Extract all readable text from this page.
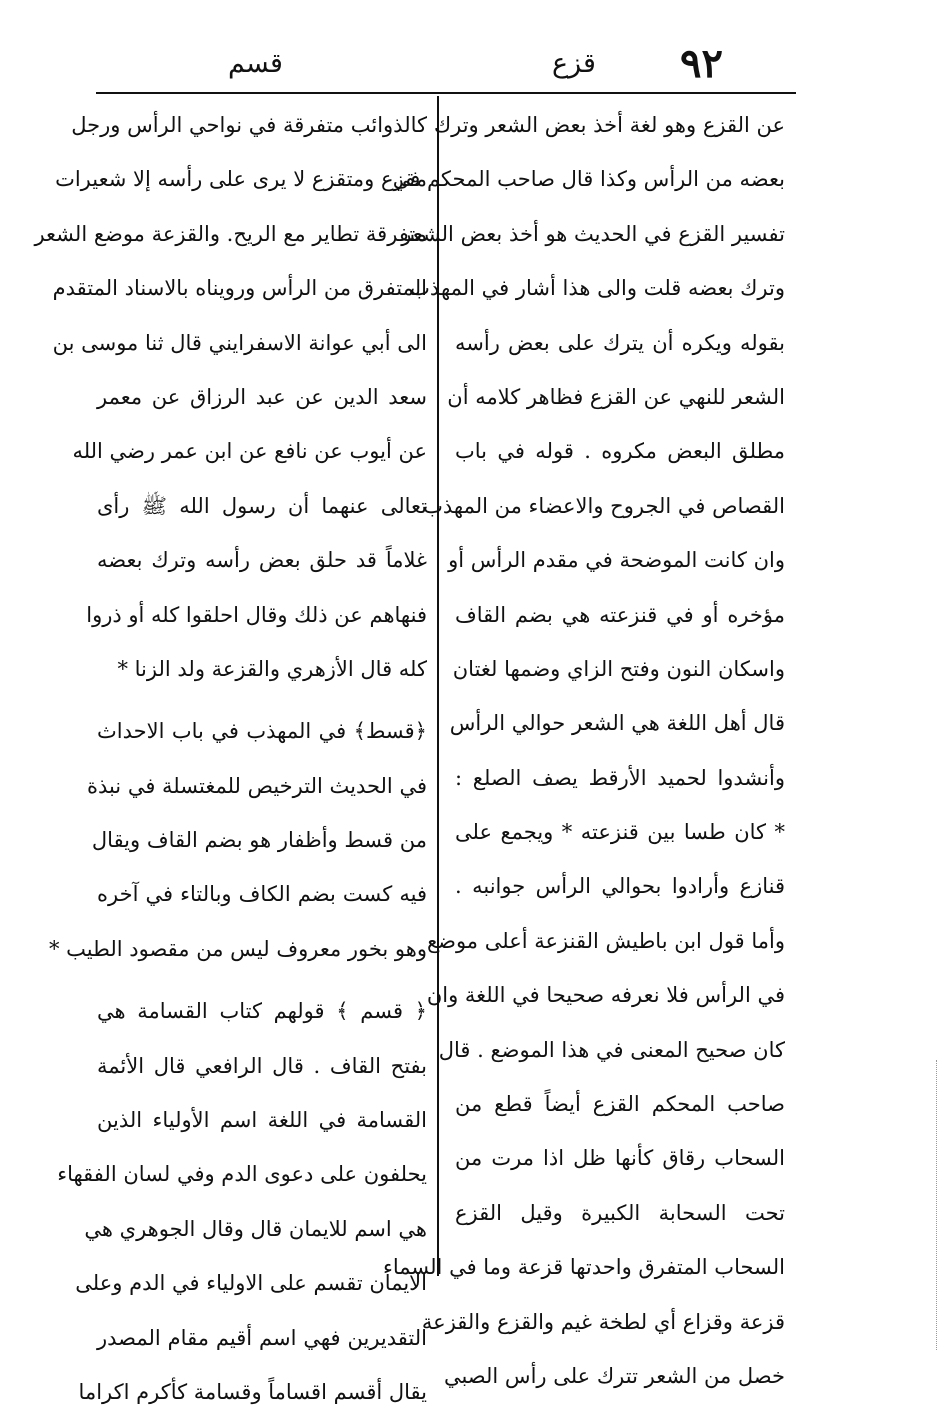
٩٢
قزع
قسم
عن القزع وهو لغة أخذ بعض الشعر وترك
بعضه من الرأس وكذا قال صاحب المحكم في
تفسير القزع في الحديث هو أخذ بعض الشعر
وترك بعضه قلت والى هذا أشار في المهذب
بقوله ويكره أن يترك على بعض رأسه
الشعر للنهي عن القزع فظاهر كلامه أن
مطلق البعض مكروه . قوله في باب
القصاص في الجروح والاعضاء من المهذب
وان كانت الموضحة في مقدم الرأس أو
مؤخره أو في قنزعته هي بضم القاف
واسكان النون وفتح الزاي وضمها لغتان
قال أهل اللغة هي الشعر حوالي الرأس
وأنشدوا لحميد الأرقط يصف الصلع :
* كان طسا بين قنزعته * ويجمع على
قنازع وأرادوا بحوالي الرأس جوانبه .
وأما قول ابن باطيش القنزعة أعلى موضع
في الرأس فلا نعرفه صحيحا في اللغة وان
كان صحيح المعنى في هذا الموضع . قال
صاحب المحكم القزع أيضاً قطع من
السحاب رقاق كأنها ظل اذا مرت من
تحت السحابة الكبيرة وقيل القزع
السحاب المتفرق واحدتها قزعة وما في السماء
قزعة وقزاع أي لطخة غيم والقزع والقزعة
خصل من الشعر تترك على رأس الصبي
كالذوائب متفرقة في نواحي الرأس ورجل
مقزع ومتقزع لا يرى على رأسه إلا شعيرات
متفرقة تطاير مع الريح. والقزعة موضع الشعر
المتفرق من الرأس ورويناه بالاسناد المتقدم
الى أبي عوانة الاسفرايني قال ثنا موسى بن
سعد الدين عن عبد الرزاق عن معمر
عن أيوب عن نافع عن ابن عمر رضي الله
تعالى عنهما أن رسول الله ﷺ رأى
غلاماً قد حلق بعض رأسه وترك بعضه
فنهاهم عن ذلك وقال احلقوا كله أو ذروا
كله قال الأزهري والقزعة ولد الزنا *
﴿قسط﴾ في المهذب في باب الاحداث
في الحديث الترخيص للمغتسلة في نبذة
من قسط وأظفار هو بضم القاف ويقال
فيه كست بضم الكاف وبالتاء في آخره
وهو بخور معروف ليس من مقصود الطيب *
﴿ قسم ﴾ قولهم كتاب القسامة هي
بفتح القاف . قال الرافعي قال الأئمة
القسامة في اللغة اسم الأولياء الذين
يحلفون على دعوى الدم وفي لسان الفقهاء
هي اسم للايمان قال وقال الجوهري هي
الايمان تقسم على الاولياء في الدم وعلى
التقديرين فهي اسم أقيم مقام المصدر
يقال أقسم اقساماً وقسامة كأكرم اكراما
